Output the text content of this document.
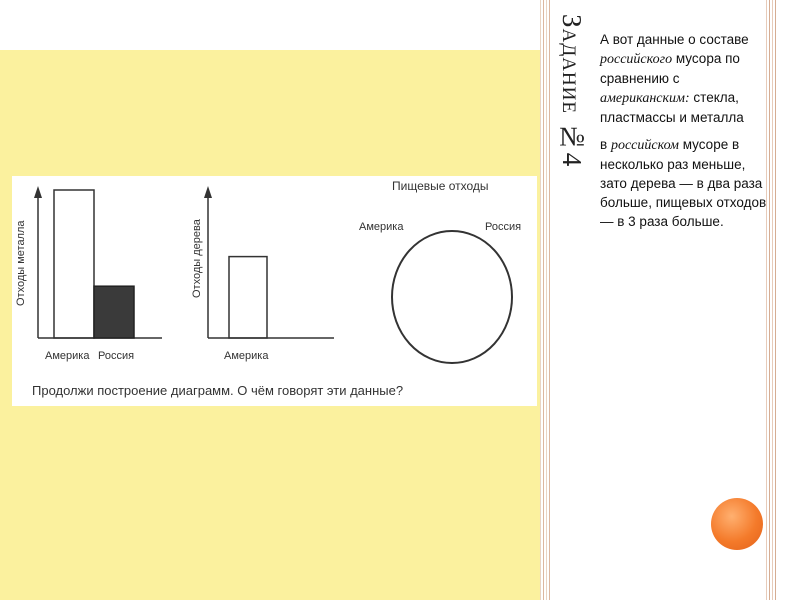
Отходы металла
Америка Россия
Отходы дерева
Америка
Пищевые отходы
Америка	Россия
Продолжи построение диаграмм. О чём говорят эти данные?
Задание №4 А вот данные о составе российского мусора по сравнению с американским: стекла, пластмассы и металла

в российском мусоре в несколько раз меньше, зато дерева — в два раза больше, пищевых отходов — в 3 раза больше.
